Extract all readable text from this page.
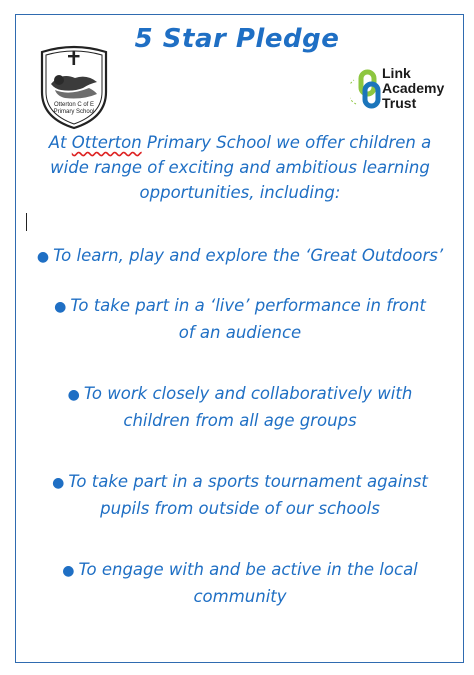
5 Star Pledge
Otterton C of E
Primary School
Link
Academy
Trust
At Otterton Primary School we offer children a
wide range of exciting and ambitious learning
opportunities, including:
● To learn, play and explore the ‘Great Outdoors’
● To take part in a ‘live’ performance in front
of an audience
● To work closely and collaboratively with
children from all age groups
● To take part in a sports tournament against
pupils from outside of our schools
● To engage with and be active in the local
community
